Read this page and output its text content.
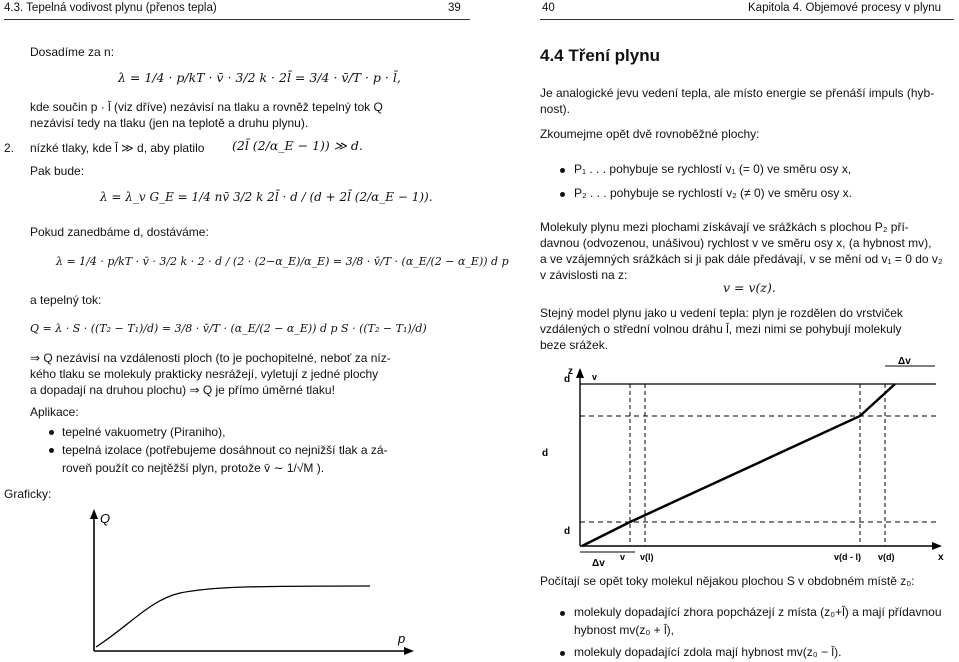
4.3. Tepelná vodivost plynu (přenos tepla)	39
Dosadíme za n:
λ = 1/4 · p/kT · v̄ · 3/2 k · 2l̄ = 3/4 · v̄/T · p · l̄,
kde součin p · l̄ (viz dříve) nezávisí na tlaku a rovněž tepelný tok Q
nezávisí tedy na tlaku (jen na teplotě a druhu plynu).
2. nízké tlaky, kde l̄ ≫ d, aby platilo (2l̄ (2/α_E − 1)) ≫ d.
Pak bude:
λ = λ_v G_E = 1/4 nv̄ 3/2 k 2l̄ · d / (d + 2l̄ (2/α_E − 1)).
Pokud zanedbáme d, dostáváme:
λ = 1/4 · p/kT · v̄ · 3/2 k · 2 · d / (2 · (2−α_E)/α_E) = 3/8 · v̄/T · (α_E/(2 − α_E)) d p
a tepelný tok:
Q = λ · S · ((T₂ − T₁)/d) = 3/8 · v̄/T · (α_E/(2 − α_E)) d p S · ((T₂ − T₁)/d)
⇒ Q nezávisí na vzdálenosti ploch (to je pochopitelné, neboť za níz-
kého tlaku se molekuly prakticky nesrážejí, vyletují z jedné plochy
a dopadají na druhou plochu) ⇒ Q je přímo úměrné tlaku!
Aplikace:
tepelné vakuometry (Piraniho),
tepelná izolace (potřebujeme dosáhnout co nejnižší tlak a zá-
roveň použít co nejtěžší plyn, protože v̄ ∼ 1/√M ).
Graficky:
Q
p
40	Kapitola 4. Objemové procesy v plynu
4.4 Tření plynu
Je analogické jevu vedení tepla, ale místo energie se přenáší impuls (hyb-
nost).
Zkoumejme opět dvě rovnoběžné plochy:
P₁ . . . pohybuje se rychlostí v₁ (= 0) ve směru osy x,
P₂ . . . pohybuje se rychlostí v₂ (≠ 0) ve směru osy x.
Molekuly plynu mezi plochami získávají ve srážkách s plochou P₂ pří-
davnou (odvozenou, unášivou) rychlost v ve směru osy x, (a hybnost mv),
a ve vzájemných srážkách si ji pak dále předávají, v se mění od v₁ = 0 do v₂
v závislosti na z:
v = v(z).
Stejný model plynu jako u vedení tepla: plyn je rozdělen do vrstviček
vzdálených o střední volnou dráhu l̄, mezi nimi se pohybují molekuly
beze srážek.
Δv
v
d
d
d
z
v v(l)	v(d - l) v(d)	x
Δv
Počítají se opět toky molekul nějakou plochou S v obdobném místě z₀:
molekuly dopadající zhora popcházejí z místa (z₀+l̄) a mají přídavnou
hybnost mv(z₀ + l̄),
molekuly dopadající zdola mají hybnost mv(z₀ − l̄).
